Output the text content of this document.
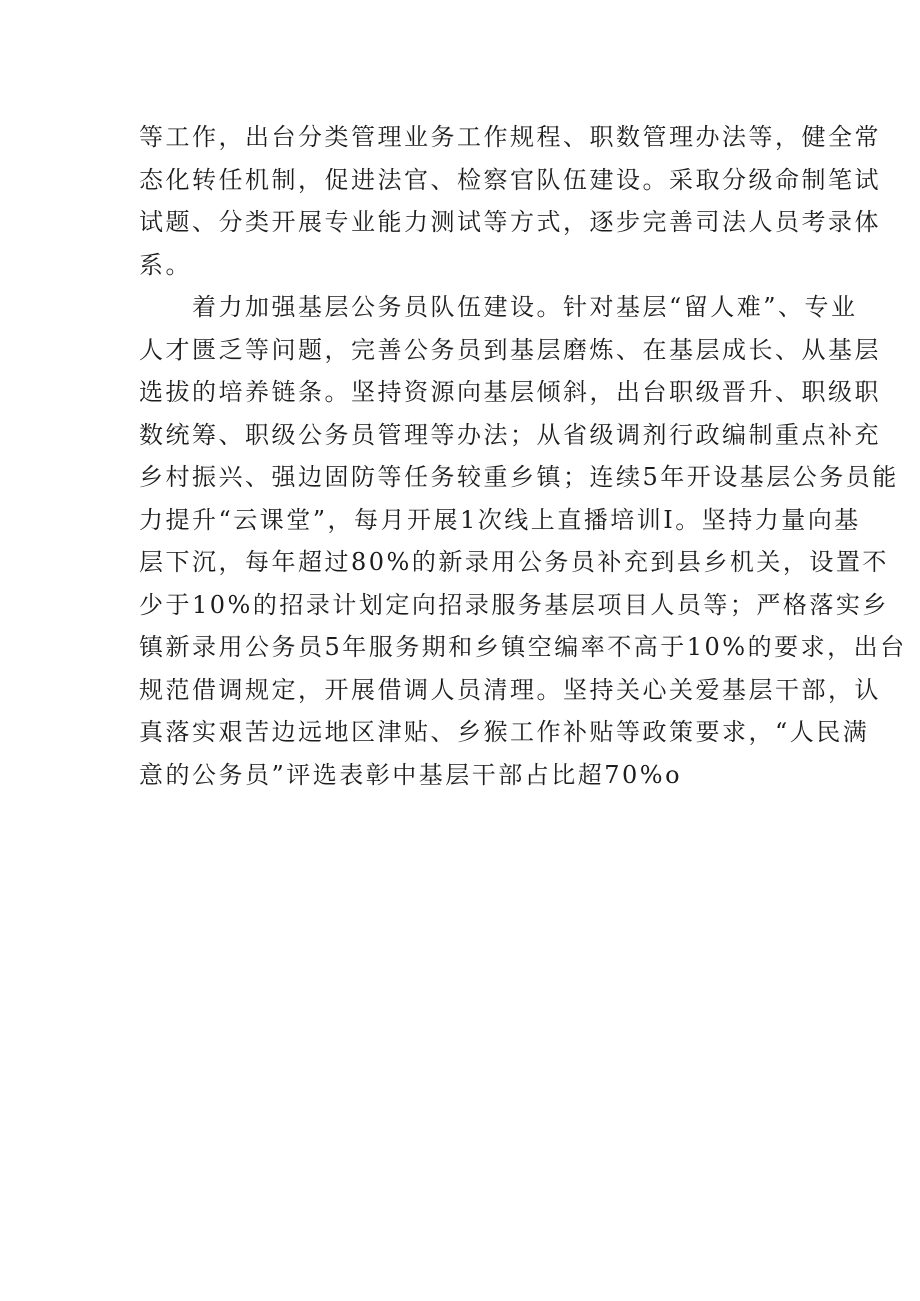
等工作，出台分类管理业务工作规程、职数管理办法等，健全常
态化转任机制，促进法官、检察官队伍建设。采取分级命制笔试
试题、分类开展专业能力测试等方式，逐步完善司法人员考录体
系。
　　着力加强基层公务员队伍建设。针对基层“留人难”、专业
人才匮乏等问题，完善公务员到基层磨炼、在基层成长、从基层
选拔的培养链条。坚持资源向基层倾斜，出台职级晋升、职级职
数统筹、职级公务员管理等办法；从省级调剂行政编制重点补充
乡村振兴、强边固防等任务较重乡镇；连续5年开设基层公务员能
力提升“云课堂”，每月开展1次线上直播培训I。坚持力量向基
层下沉，每年超过80%的新录用公务员补充到县乡机关，设置不
少于10%的招录计划定向招录服务基层项目人员等；严格落实乡
镇新录用公务员5年服务期和乡镇空编率不高于10%的要求，出台
规范借调规定，开展借调人员清理。坚持关心关爱基层干部，认
真落实艰苦边远地区津贴、乡猴工作补贴等政策要求，“人民满
意的公务员”评选表彰中基层干部占比超70%o
